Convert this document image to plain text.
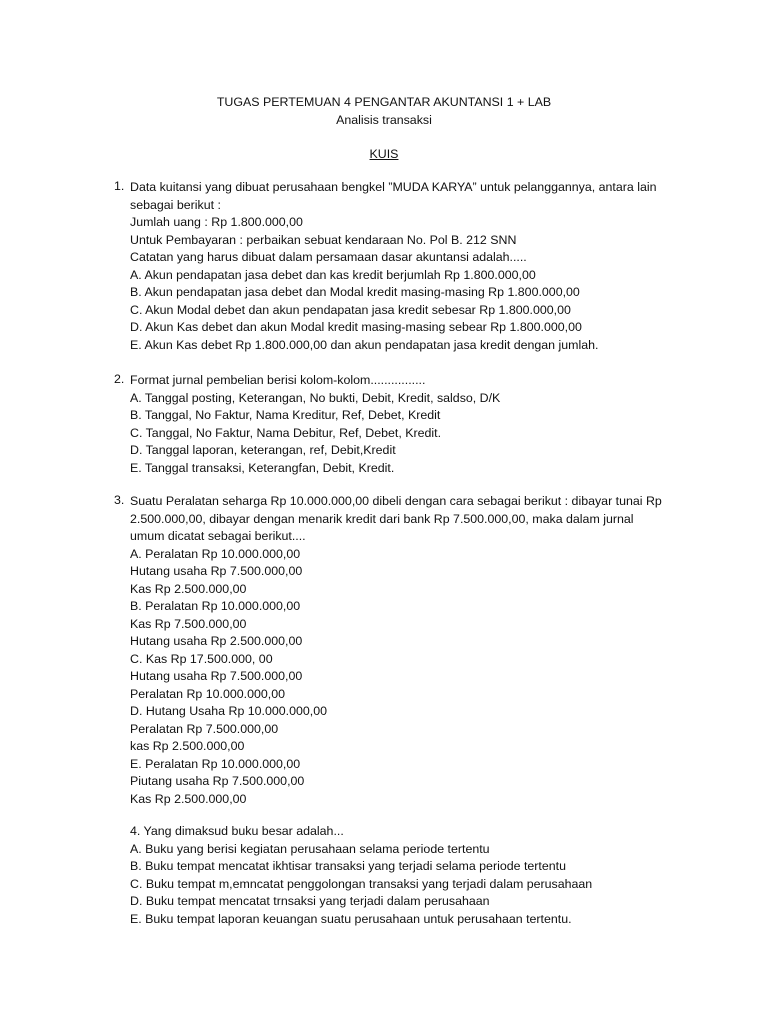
TUGAS PERTEMUAN 4 PENGANTAR AKUNTANSI 1 + LAB
Analisis transaksi
KUIS
1. Data kuitansi yang dibuat perusahaan bengkel ”MUDA KARYA” untuk pelanggannya, antara lain
sebagai berikut :
Jumlah uang : Rp 1.800.000,00
Untuk Pembayaran : perbaikan sebuat kendaraan No. Pol B. 212 SNN
Catatan yang harus dibuat dalam persamaan dasar akuntansi adalah.....
A. Akun pendapatan jasa debet dan kas kredit berjumlah Rp 1.800.000,00
B. Akun pendapatan jasa debet dan Modal kredit masing-masing Rp 1.800.000,00
C. Akun Modal debet dan akun pendapatan jasa kredit sebesar Rp 1.800.000,00
D. Akun Kas debet dan akun Modal kredit masing-masing sebear Rp 1.800.000,00
E. Akun Kas debet Rp 1.800.000,00 dan akun pendapatan jasa kredit dengan jumlah.
2. Format jurnal pembelian berisi kolom-kolom................
A. Tanggal posting, Keterangan, No bukti, Debit, Kredit, saldso, D/K
B. Tanggal, No Faktur, Nama Kreditur, Ref, Debet, Kredit
C. Tanggal, No Faktur, Nama Debitur, Ref, Debet, Kredit.
D. Tanggal laporan, keterangan, ref, Debit,Kredit
E. Tanggal transaksi, Keterangfan, Debit, Kredit.
3. Suatu Peralatan seharga Rp 10.000.000,00 dibeli dengan cara sebagai berikut : dibayar tunai Rp
2.500.000,00, dibayar dengan menarik kredit dari bank Rp 7.500.000,00, maka dalam jurnal
umum dicatat sebagai berikut....
A. Peralatan Rp 10.000.000,00
Hutang usaha Rp 7.500.000,00
Kas Rp 2.500.000,00
B. Peralatan Rp 10.000.000,00
Kas Rp 7.500.000,00
Hutang usaha Rp 2.500.000,00
C. Kas Rp 17.500.000, 00
Hutang usaha Rp 7.500.000,00
Peralatan Rp 10.000.000,00
D. Hutang Usaha Rp 10.000.000,00
Peralatan Rp 7.500.000,00
kas Rp 2.500.000,00
E. Peralatan Rp 10.000.000,00
Piutang usaha Rp 7.500.000,00
Kas Rp 2.500.000,00
4. Yang dimaksud buku besar adalah...
A. Buku yang berisi kegiatan perusahaan selama periode tertentu
B. Buku tempat mencatat ikhtisar transaksi yang terjadi selama periode tertentu
C. Buku tempat m,emncatat penggolongan transaksi yang terjadi dalam perusahaan
D. Buku tempat mencatat trnsaksi yang terjadi dalam perusahaan
E. Buku tempat laporan keuangan suatu perusahaan untuk perusahaan tertentu.
